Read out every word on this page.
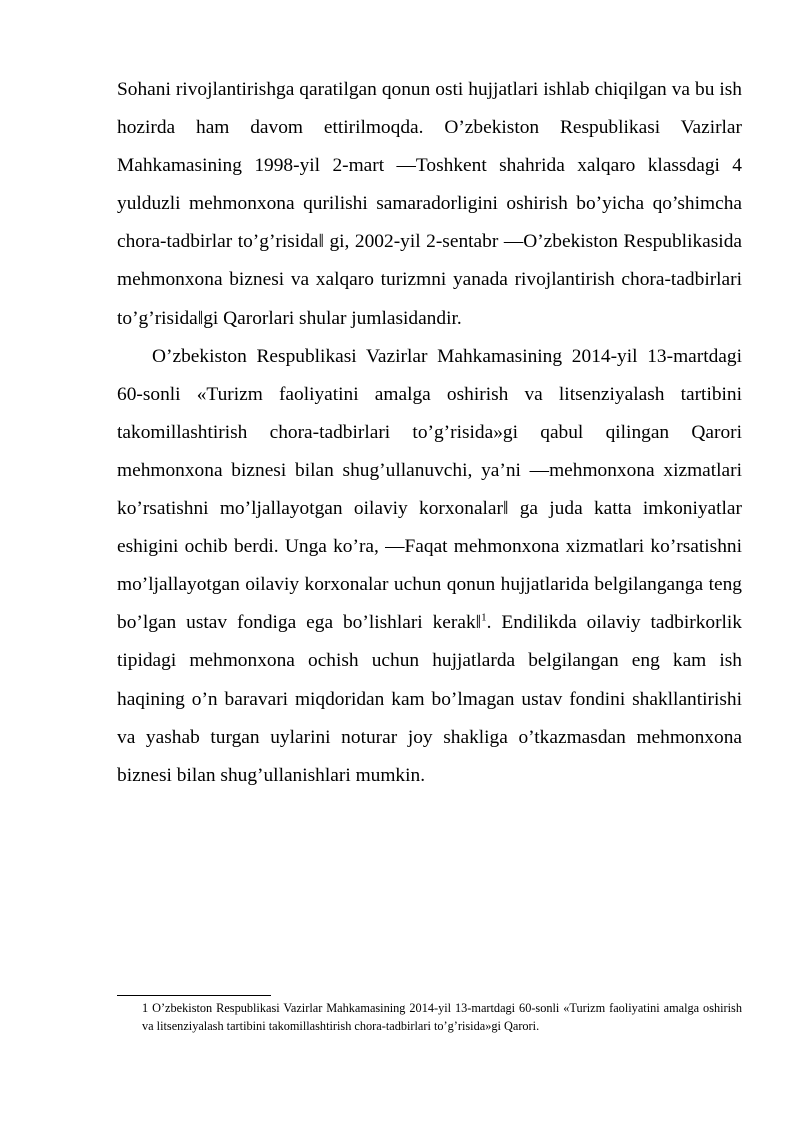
Sohani rivojlantirishga qaratilgan qonun osti hujjatlari ishlab chiqilgan va bu ish hozirda ham davom ettirilmoqda. O’zbekiston Respublikasi Vazirlar Mahkamasining 1998-yil 2-mart ―Toshkent shahrida xalqaro klassdagi 4 yulduzli mehmonxona qurilishi samaradorligini oshirish bo’yicha qo’shimcha chora-tadbirlar to’g’risida‖ gi, 2002-yil 2-sentabr ―O’zbekiston Respublikasida mehmonxona biznesi va xalqaro turizmni yanada rivojlantirish chora-tadbirlari to’g’risida‖gi Qarorlari shular jumlasidandir.

O’zbekiston Respublikasi Vazirlar Mahkamasining 2014-yil 13-martdagi 60-sonli «Turizm faoliyatini amalga oshirish va litsenziyalash tartibini takomillashtirish chora-tadbirlari to’g’risida»gi qabul qilingan Qarori mehmonxona biznesi bilan shug’ullanuvchi, ya’ni ―mehmonxona xizmatlari ko’rsatishni mo’ljallayotgan oilaviy korxonalar‖ ga juda katta imkoniyatlar eshigini ochib berdi. Unga ko’ra, ―Faqat mehmonxona xizmatlari ko’rsatishni mo’ljallayotgan oilaviy korxonalar uchun qonun hujjatlarida belgilanganga teng bo’lgan ustav fondiga ega bo’lishlari kerak‖$^1$. Endilikda oilaviy tadbirkorlik tipidagi mehmonxona ochish uchun hujjatlarda belgilangan eng kam ish haqining o’n baravari miqdoridan kam bo’lmagan ustav fondini shakllantirishi va yashab turgan uylarini noturar joy shakliga o’tkazmasdan mehmonxona biznesi bilan shug’ullanishlari mumkin.

1 O’zbekiston Respublikasi Vazirlar Mahkamasining 2014-yil 13-martdagi 60-sonli «Turizm faoliyatini amalga oshirish va litsenziyalash tartibini takomillashtirish chora-tadbirlari to’g’risida»gi Qarori.
